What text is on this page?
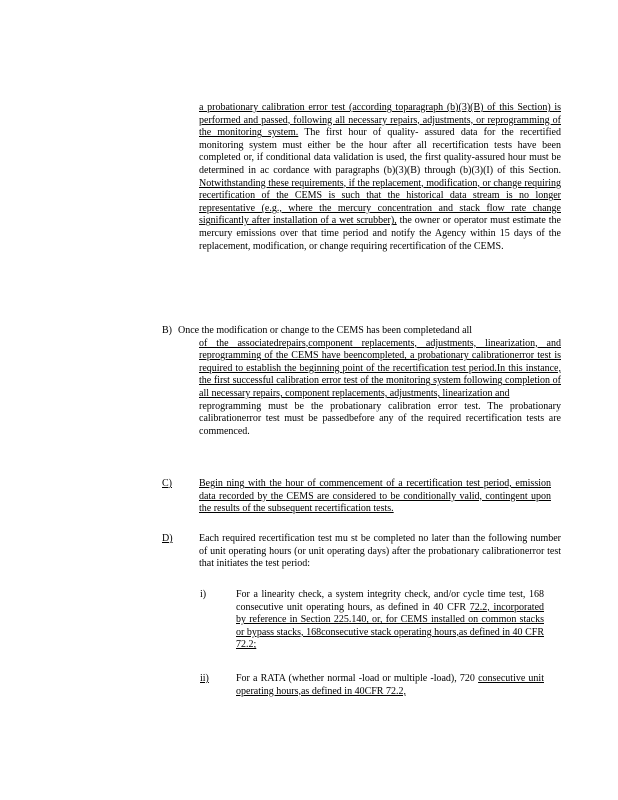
a probationary calibration error test (according toparagraph (b)(3)(B) of this Section) is performed and passed, following all necessary repairs, adjustments, or reprogramming of the monitoring system. The first hour of quality- assured data for the recertified monitoring system must either be the hour after all recertification tests have been completed or, if conditional data validation is used, the first quality-assured hour must be determined in ac cordance with paragraphs (b)(3)(B) through (b)(3)(I) of this Section. Notwithstanding these requirements, if the replacement, modification, or change requiring recertification of the CEMS is such that the historical data stream is no longer representative (e.g., where the mercury concentration and stack flow rate change significantly after installation of a wet scrubber), the owner or operator must estimate the mercury emissions over that time period and notify the Agency within 15 days of the replacement, modification, or change requiring recertification of the CEMS.

B) Once the modification or change to the CEMS has been completedand all

of the associatedrepairs,component replacements, adjustments, linearization, and reprogramming of the CEMS have beencompleted, a probationary calibrationerror test is required to establish the beginning point of the recertification test period.In this instance, the first successful calibration error test of the monitoring system following completion of all necessary repairs, component replacements, adjustments, linearization and

reprogramming must be the probationary calibration error test. The probationary calibrationerror test must be passedbefore any of the required recertification tests are commenced.

C)	Begin ning with the hour of commencement of a recertification test period, emission data recorded by the CEMS are considered to be conditionally valid, contingent upon the results of the subsequent recertification tests.

D)	Each required recertification test mu st be completed no later than the following number of unit operating hours (or unit operating days) after the probationary calibrationerror test that initiates the test period:

i)	For a linearity check, a system integrity check, and/or cycle time test, 168 consecutive unit operating hours, as defined in 40 CFR 72.2, incorporated by reference in Section 225.140, or, for CEMS installed on common stacks or bypass stacks, 168consecutive stack operating hours,as defined in 40 CFR 72.2;

ii)	For a RATA (whether normal -load or multiple -load), 720 consecutive unit operating hours,as defined in 40CFR 72.2,
